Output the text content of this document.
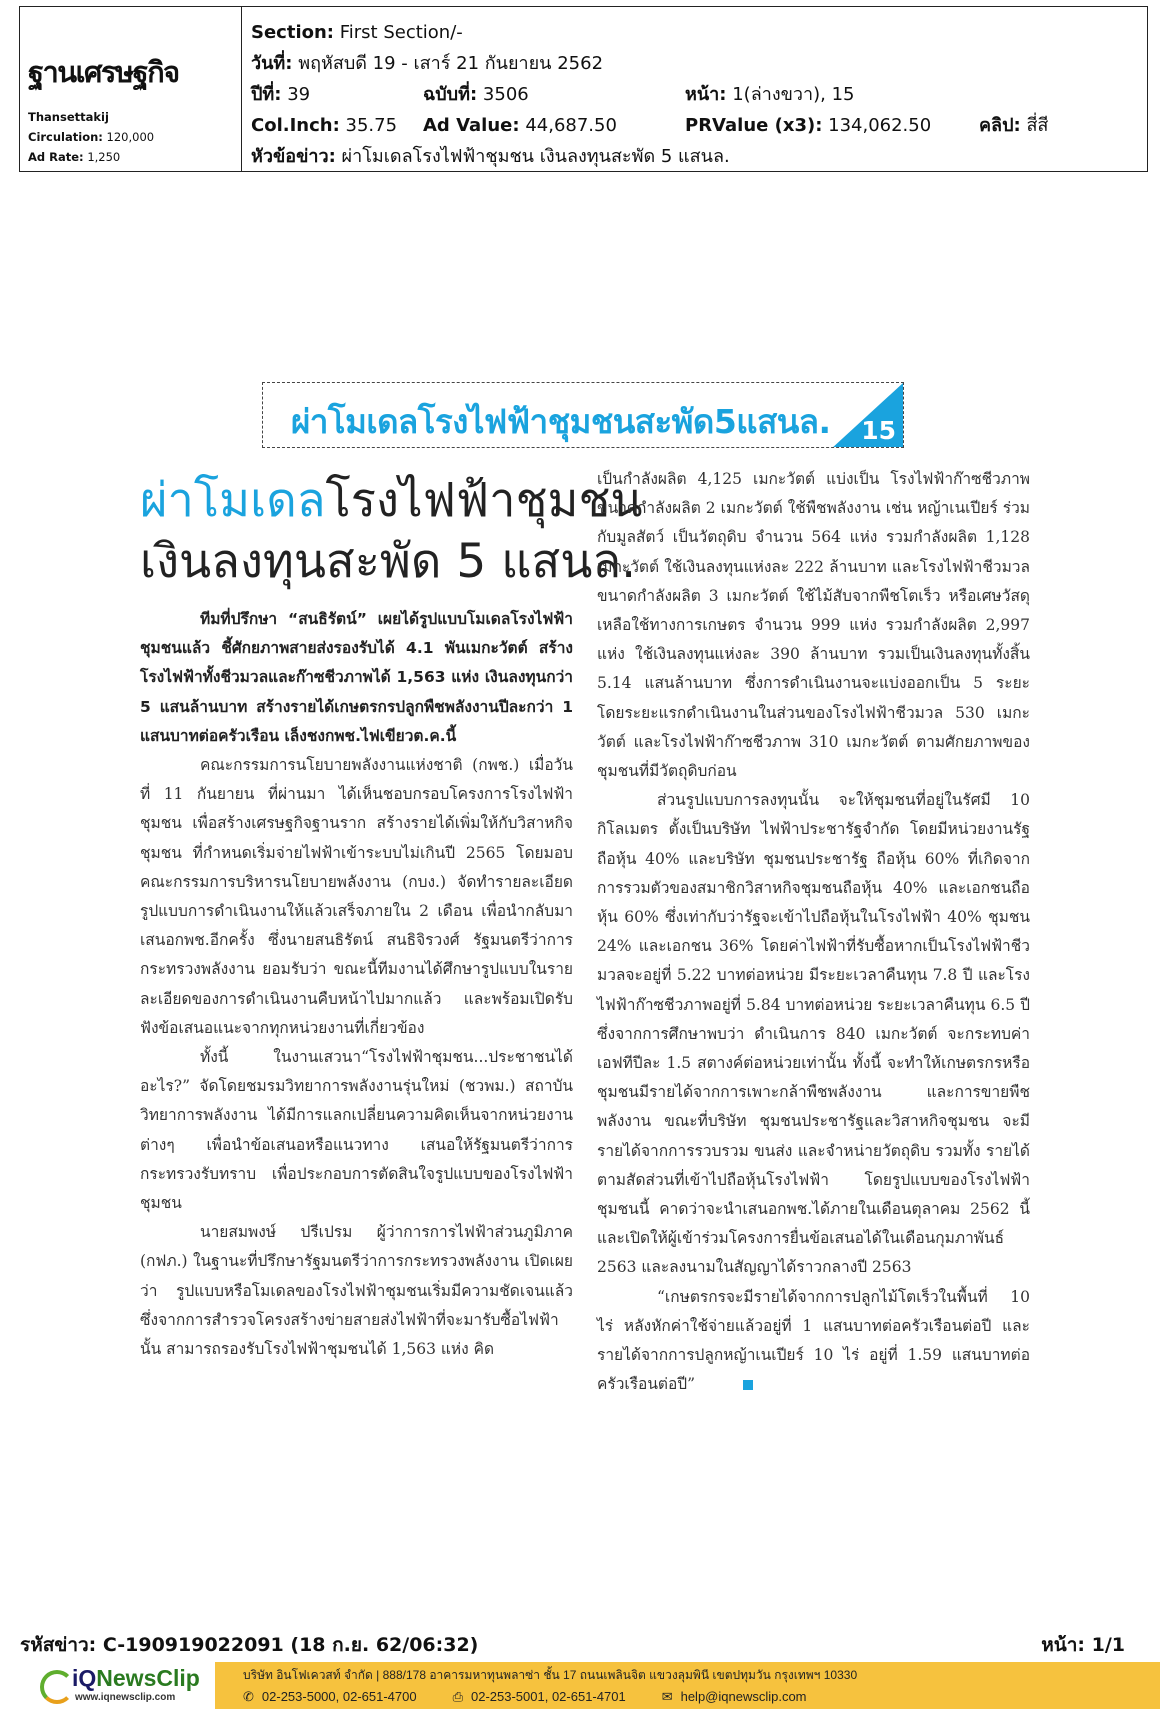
ฐานเศรษฐกิจ
Thansettakij
Circulation: 120,000
Ad Rate: 1,250
Section:
First Section/-
วันที่:
พฤหัสบดี 19 - เสาร์ 21 กันยายน 2562
ปีที่: 39	ฉบับที่: 3506	หน้า: 1(ล่างขวา), 15
Col.Inch: 35.75	Ad Value: 44,687.50	PRValue (x3): 134,062.50	คลิป: สี่สี
หัวข้อข่าว:
ผ่าโมเดลโรงไฟฟ้าชุมชน เงินลงทุนสะพัด 5 แสนล.
ผ่าโมเดลโรงไฟฟ้าชุมชนสะพัด5แสนล. 15
ผ่าโมเดลโรงไฟฟ้าชุมชน
เงินลงทุนสะพัด 5 แสนล.

ทีมที่ปรึกษา “สนธิรัตน์” เผยได้รูปแบบโมเดลโรงไฟฟ้าชุมชนแล้ว ชี้ศักยภาพสายส่งรองรับได้ 4.1 พันเมกะวัตต์ สร้างโรงไฟฟ้าทั้งชีวมวลและก๊าซชีวภาพได้ 1,563 แห่ง เงินลงทุนกว่า 5 แสนล้านบาท สร้างรายได้เกษตรกรปลูกพืชพลังงานปีละกว่า 1 แสนบาทต่อครัวเรือน เล็งชงกพช.ไฟเขียวต.ค.นี้

คณะกรรมการนโยบายพลังงานแห่งชาติ (กพช.) เมื่อวันที่ 11 กันยายน ที่ผ่านมา ได้เห็นชอบกรอบโครงการโรงไฟฟ้าชุมชน เพื่อสร้างเศรษฐกิจฐานราก สร้างรายได้เพิ่มให้กับวิสาหกิจชุมชน ที่กำหนดเริ่มจ่ายไฟฟ้าเข้าระบบไม่เกินปี 2565 โดยมอบคณะกรรมการบริหารนโยบายพลังงาน (กบง.) จัดทำรายละเอียดรูปแบบการดำเนินงานให้แล้วเสร็จภายใน 2 เดือน เพื่อนำกลับมาเสนอกพช.อีกครั้ง ซึ่งนายสนธิรัตน์ สนธิจิรวงศ์ รัฐมนตรีว่าการกระทรวงพลังงาน ยอมรับว่า ขณะนี้ทีมงานได้ศึกษารูปแบบในรายละเอียดของการดำเนินงานคืบหน้าไปมากแล้ว และพร้อมเปิดรับฟังข้อเสนอแนะจากทุกหน่วยงานที่เกี่ยวข้อง

ทั้งนี้ ในงานเสวนา“โรงไฟฟ้าชุมชน...ประชาชนได้อะไร?” จัดโดยชมรมวิทยาการพลังงานรุ่นใหม่ (ชวพม.) สถาบันวิทยาการพลังงาน ได้มีการแลกเปลี่ยนความคิดเห็นจากหน่วยงานต่างๆ เพื่อนำข้อเสนอหรือแนวทาง เสนอให้รัฐมนตรีว่าการกระทรวงรับทราบ เพื่อประกอบการตัดสินใจรูปแบบของโรงไฟฟ้าชุมชน

นายสมพงษ์ ปรีเปรม ผู้ว่าการการไฟฟ้าส่วนภูมิภาค (กฟภ.) ในฐานะที่ปรึกษารัฐมนตรีว่าการกระทรวงพลังงาน เปิดเผยว่า รูปแบบหรือโมเดลของโรงไฟฟ้าชุมชนเริ่มมีความชัดเจนแล้ว ซึ่งจากการสำรวจโครงสร้างข่ายสายส่งไฟฟ้าที่จะมารับซื้อไฟฟ้านั้น สามารถรองรับโรงไฟฟ้าชุมชนได้ 1,563 แห่ง คิด

เป็นกำลังผลิต 4,125 เมกะวัตต์ แบ่งเป็น โรงไฟฟ้าก๊าซชีวภาพขนาดกำลังผลิต 2 เมกะวัตต์ ใช้พืชพลังงาน เช่น หญ้าเนเปียร์ ร่วมกับมูลสัตว์ เป็นวัตถุดิบ จำนวน 564 แห่ง รวมกำลังผลิต 1,128 เมกะวัตต์ ใช้เงินลงทุนแห่งละ 222 ล้านบาท และโรงไฟฟ้าชีวมวล ขนาดกำลังผลิต 3 เมกะวัตต์ ใช้ไม้สับจากพืชโตเร็ว หรือเศษวัสดุเหลือใช้ทางการเกษตร จำนวน 999 แห่ง รวมกำลังผลิต 2,997 แห่ง ใช้เงินลงทุนแห่งละ 390 ล้านบาท รวมเป็นเงินลงทุนทั้งสิ้น 5.14 แสนล้านบาท ซึ่งการดำเนินงานจะแบ่งออกเป็น 5 ระยะ โดยระยะแรกดำเนินงานในส่วนของโรงไฟฟ้าชีวมวล 530 เมกะวัตต์ และโรงไฟฟ้าก๊าซชีวภาพ 310 เมกะวัตต์ ตามศักยภาพของชุมชนที่มีวัตถุดิบก่อน

ส่วนรูปแบบการลงทุนนั้น จะให้ชุมชนที่อยู่ในรัศมี 10 กิโลเมตร ตั้งเป็นบริษัท ไฟฟ้าประชารัฐจำกัด โดยมีหน่วยงานรัฐถือหุ้น 40% และบริษัท ชุมชนประชารัฐ ถือหุ้น 60% ที่เกิดจากการรวมตัวของสมาชิกวิสาหกิจชุมชนถือหุ้น 40% และเอกชนถือหุ้น 60% ซึ่งเท่ากับว่ารัฐจะเข้าไปถือหุ้นในโรงไฟฟ้า 40% ชุมชน 24% และเอกชน 36% โดยค่าไฟฟ้าที่รับซื้อหากเป็นโรงไฟฟ้าชีวมวลจะอยู่ที่ 5.22 บาทต่อหน่วย มีระยะเวลาคืนทุน 7.8 ปี และโรงไฟฟ้าก๊าซชีวภาพอยู่ที่ 5.84 บาทต่อหน่วย ระยะเวลาคืนทุน 6.5 ปี ซึ่งจากการศึกษาพบว่า ดำเนินการ 840 เมกะวัตต์ จะกระทบค่าเอฟทีปีละ 1.5 สตางค์ต่อหน่วยเท่านั้น ทั้งนี้ จะทำให้เกษตรกรหรือชุมชนมีรายได้จากการเพาะกล้าพืชพลังงาน และการขายพืชพลังงาน ขณะที่บริษัท ชุมชนประชารัฐและวิสาหกิจชุมชน จะมีรายได้จากการรวบรวม ขนส่ง และจำหน่ายวัตถุดิบ รวมทั้ง รายได้ตามสัดส่วนที่เข้าไปถือหุ้นโรงไฟฟ้า โดยรูปแบบของโรงไฟฟ้าชุมชนนี้ คาดว่าจะนำเสนอกพช.ได้ภายในเดือนตุลาคม 2562 นี้ และเปิดให้ผู้เข้าร่วมโครงการยื่นข้อเสนอได้ในเดือนกุมภาพันธ์ 2563 และลงนามในสัญญาได้ราวกลางปี 2563

“เกษตรกรจะมีรายได้จากการปลูกไม้โตเร็วในพื้นที่ 10 ไร่ หลังหักค่าใช้จ่ายแล้วอยู่ที่ 1 แสนบาทต่อครัวเรือนต่อปี และรายได้จากการปลูกหญ้าเนเปียร์ 10 ไร่ อยู่ที่ 1.59 แสนบาทต่อครัวเรือนต่อปี”

รหัสข่าว: C-190919022091 (18 ก.ย. 62/06:32)	หน้า: 1/1
iQNewsClip
www.iqnewsclip.com
บริษัท อินโฟเควสท์ จำกัด | 888/178 อาคารมหาทุนพลาซ่า ชั้น 17 ถนนเพลินจิต แขวงลุมพินี เขตปทุมวัน กรุงเทพฯ 10330
✆ 02-253-5000, 02-651-4700	⎙ 02-253-5001, 02-651-4701	✉ help@iqnewsclip.com
